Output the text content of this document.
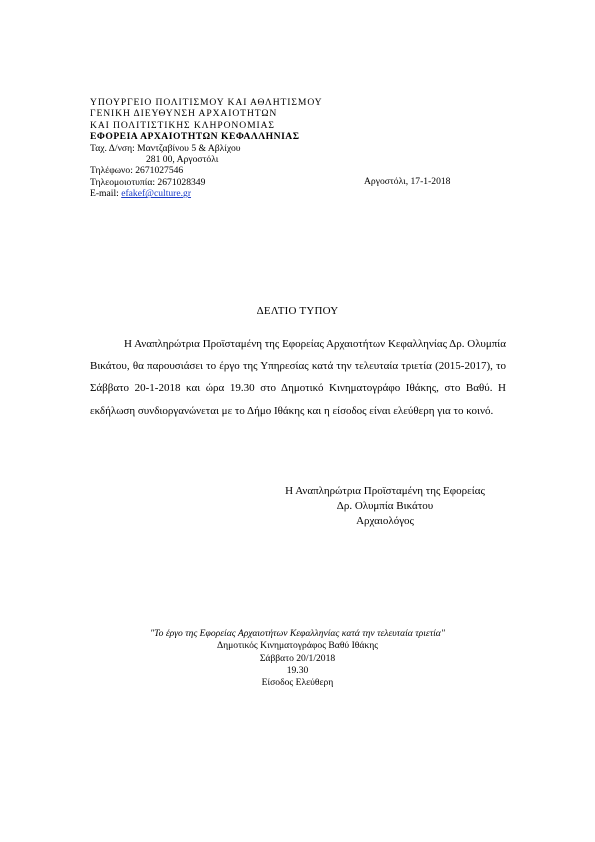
ΥΠΟΥΡΓΕΙΟ ΠΟΛΙΤΙΣΜΟΥ ΚΑΙ ΑΘΛΗΤΙΣΜΟΥ
ΓΕΝΙΚΗ ΔΙΕΥΘΥΝΣΗ ΑΡΧΑΙΟΤΗΤΩΝ
ΚΑΙ ΠΟΛΙΤΙΣΤΙΚΗΣ ΚΛΗΡΟΝΟΜΙΑΣ
ΕΦΟΡΕΙΑ ΑΡΧΑΙΟΤΗΤΩΝ ΚΕΦΑΛΛΗΝΙΑΣ
Ταχ. Δ/νση: Μαντζαβίνου 5 & Αβλίχου
281 00, Αργοστόλι
Τηλέφωνο: 2671027546
Τηλεομοιοτυπία: 2671028349
E-mail: efakef@culture.gr
Αργοστόλι, 17-1-2018
ΔΕΛΤΙΟ ΤΥΠΟΥ

Η Αναπληρώτρια Προϊσταμένη της Εφορείας Αρχαιοτήτων Κεφαλληνίας Δρ. Ολυμπία Βικάτου, θα παρουσιάσει το έργο της Υπηρεσίας κατά την τελευταία τριετία (2015-2017), το Σάββατο 20-1-2018 και ώρα 19.30 στο Δημοτικό Κινηματογράφο Ιθάκης, στο Βαθύ. Η εκδήλωση συνδιοργανώνεται με το Δήμο Ιθάκης και η είσοδος είναι ελεύθερη για το κοινό.

Η Αναπληρώτρια Προϊσταμένη της Εφορείας
Δρ. Ολυμπία Βικάτου
Αρχαιολόγος
"Το έργο της Εφορείας Αρχαιοτήτων Κεφαλληνίας κατά την τελευταία τριετία"
Δημοτικός Κινηματογράφος Βαθύ Ιθάκης
Σάββατο 20/1/2018
19.30
Είσοδος Ελεύθερη
